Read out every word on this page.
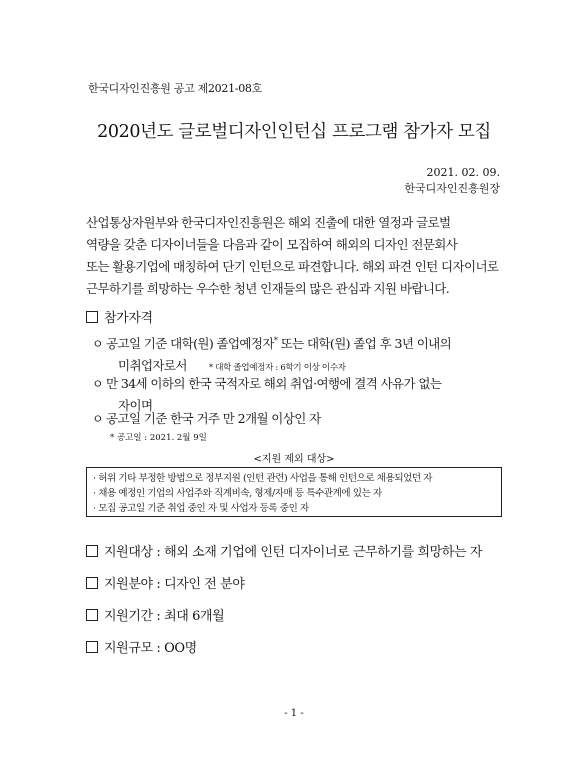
한국디자인진흥원 공고 제2021-08호
2020년도 글로벌디자인인턴십 프로그램 참가자 모집
2021. 02. 09.
한국디자인진흥원장

산업통상자원부와 한국디자인진흥원은 해외 진출에 대한 열정과 글로벌

역량을 갖춘 디자이너들을 다음과 같이 모집하여 해외의 디자인 전문회사

또는 활용기업에 매칭하여 단기 인턴으로 파견합니다. 해외 파견 인턴 디자이너로

근무하기를 희망하는 우수한 청년 인재들의 많은 관심과 지원 바랍니다.

참가자격
ㅇ 공고일 기준 대학(원) 졸업예정자* 또는 대학(원) 졸업 후 3년 이내의
미취업자로서	* 대학 졸업예정자 : 6학기 이상 이수자
ㅇ 만 34세 이하의 한국 국적자로 해외 취업·여행에 결격 사유가 없는
자이며
ㅇ 공고일 기준 한국 거주 만 2개월 이상인 자
* 공고일 : 2021. 2월 9일
<지원 제외 대상>
· 허위 기타 부정한 방법으로 정부지원 (인턴 관련) 사업을 통해 인턴으로 채용되었던 자
· 채용 예정인 기업의 사업주와 직계비속, 형제/자매 등 특수관계에 있는 자
· 모집 공고일 기준 취업 중인 자 및 사업자 등록 중인 자
지원대상 : 해외 소재 기업에 인턴 디자이너로 근무하기를 희망하는 자
지원분야 : 디자인 전 분야
지원기간 : 최대 6개월
지원규모 : OO명
- 1 -
